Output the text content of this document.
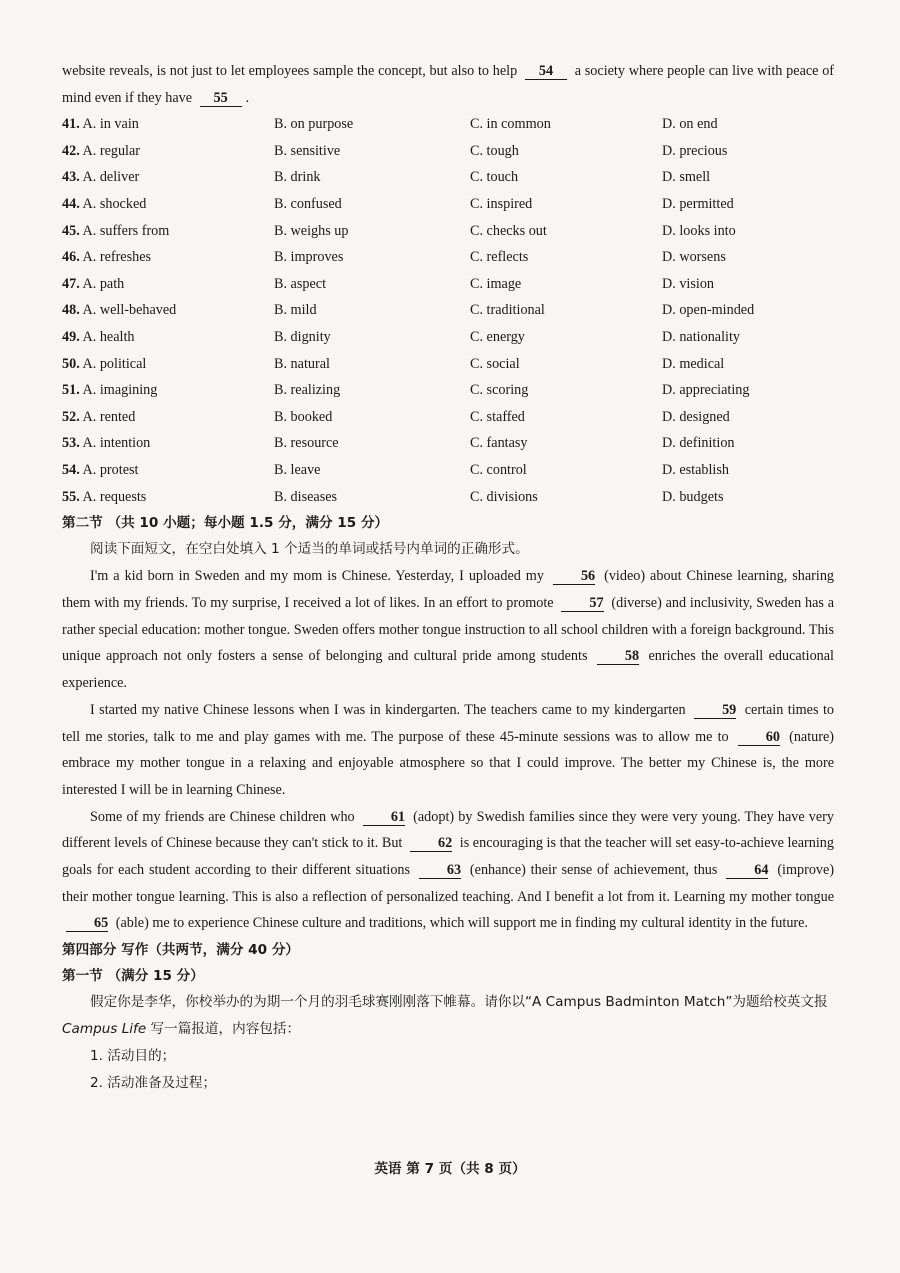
website reveals, is not just to let employees sample the concept, but also to help 54 a society where people can live with peace of mind even if they have 55 .

41. A. in vain	B. on purpose	C. in common	D. on end
42. A. regular	B. sensitive	C. tough	D. precious
43. A. deliver	B. drink	C. touch	D. smell
44. A. shocked	B. confused	C. inspired	D. permitted
45. A. suffers from	B. weighs up	C. checks out	D. looks into
46. A. refreshes	B. improves	C. reflects	D. worsens
47. A. path	B. aspect	C. image	D. vision
48. A. well-behaved	B. mild	C. traditional	D. open-minded
49. A. health	B. dignity	C. energy	D. nationality
50. A. political	B. natural	C. social	D. medical
51. A. imagining	B. realizing	C. scoring	D. appreciating
52. A. rented	B. booked	C. staffed	D. designed
53. A. intention	B. resource	C. fantasy	D. definition
54. A. protest	B. leave	C. control	D. establish
55. A. requests	B. diseases	C. divisions	D. budgets

第二节 （共 10 小题；每小题 1.5 分，满分 15 分）

阅读下面短文，在空白处填入 1 个适当的单词或括号内单词的正确形式。

I'm a kid born in Sweden and my mom is Chinese. Yesterday, I uploaded my	56 (video) about Chinese learning, sharing them with my friends. To my surprise, I received a lot of likes. In an effort to promote	57 (diverse) and inclusivity, Sweden has a rather special education: mother tongue. Sweden offers mother tongue instruction to all school children with a foreign background. This unique approach not only fosters a sense of belonging and cultural pride among students	58 enriches the overall educational experience.

I started my native Chinese lessons when I was in kindergarten. The teachers came to my kindergarten	59 certain times to tell me stories, talk to me and play games with me. The purpose of these 45-minute sessions was to allow me to	60 (nature) embrace my mother tongue in a relaxing and enjoyable atmosphere so that I could improve. The better my Chinese is, the more interested I will be in learning Chinese.

Some of my friends are Chinese children who	61 (adopt) by Swedish families since they were very young. They have very different levels of Chinese because they can't stick to it. But	62 is encouraging is that the teacher will set easy-to-achieve learning goals for each student according to their different situations	63 (enhance) their sense of achievement, thus	64 (improve) their mother tongue learning. This is also a reflection of personalized teaching. And I benefit a lot from it. Learning my mother tongue 65 (able) me to experience Chinese culture and traditions, which will support me in finding my cultural identity in the future.

第四部分 写作（共两节，满分 40 分）

第一节 （满分 15 分）

假定你是李华，你校举办的为期一个月的羽毛球赛刚刚落下帷幕。请你以“A Campus Badminton Match”为题给校英文报 Campus Life 写一篇报道，内容包括：

1. 活动目的；

2. 活动准备及过程；

英语 第 7 页（共 8 页）
